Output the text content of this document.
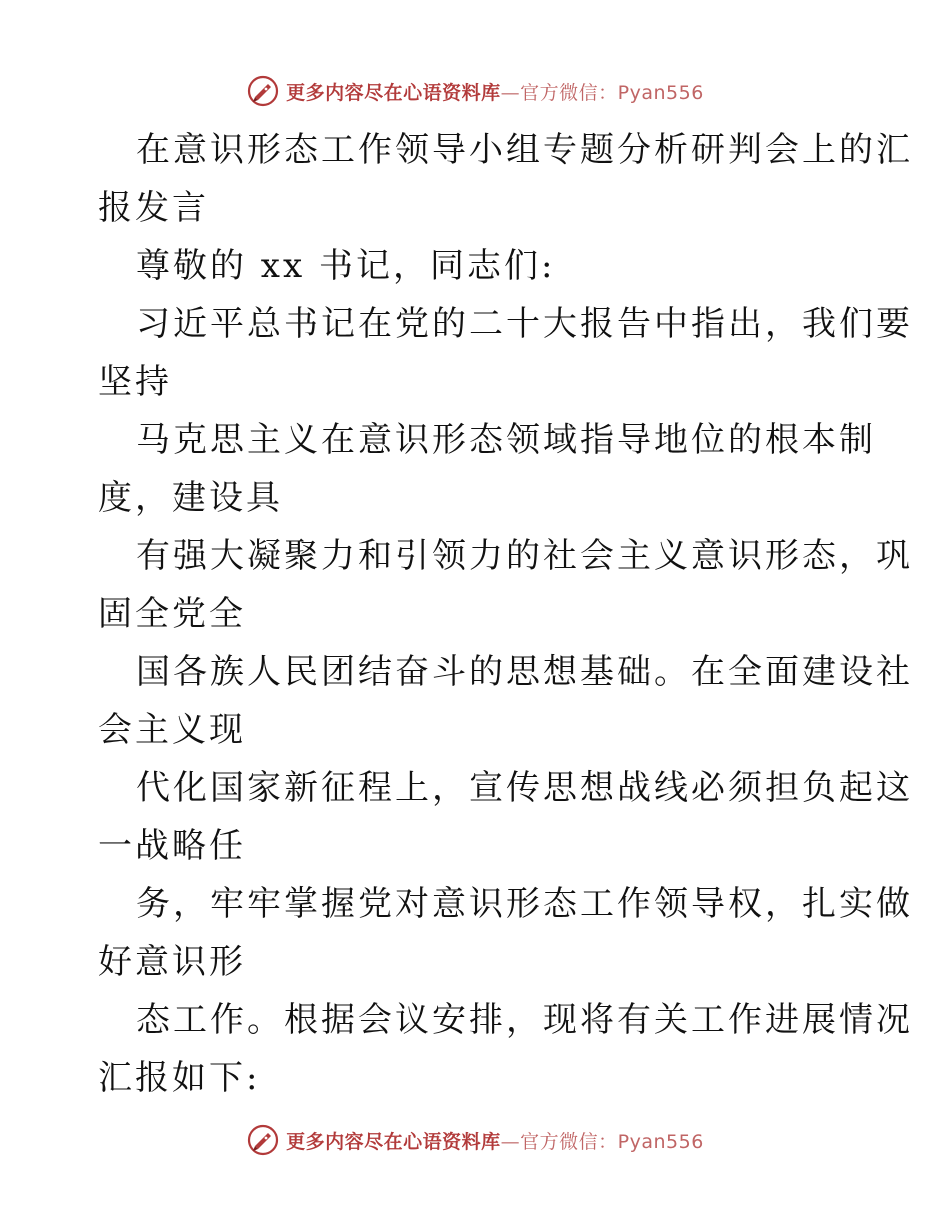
更多内容尽在心语资料库—官方微信：Pyan556
在意识形态工作领导小组专题分析研判会上的汇
报发言
尊敬的 xx 书记，同志们:
习近平总书记在党的二十大报告中指出，我们要
坚持
马克思主义在意识形态领域指导地位的根本制
度，建设具
有强大凝聚力和引领力的社会主义意识形态，巩
固全党全
国各族人民团结奋斗的思想基础。在全面建设社
会主义现
代化国家新征程上，宣传思想战线必须担负起这
一战略任
务，牢牢掌握党对意识形态工作领导权，扎实做
好意识形
态工作。根据会议安排，现将有关工作进展情况
汇报如下:
更多内容尽在心语资料库—官方微信：Pyan556
